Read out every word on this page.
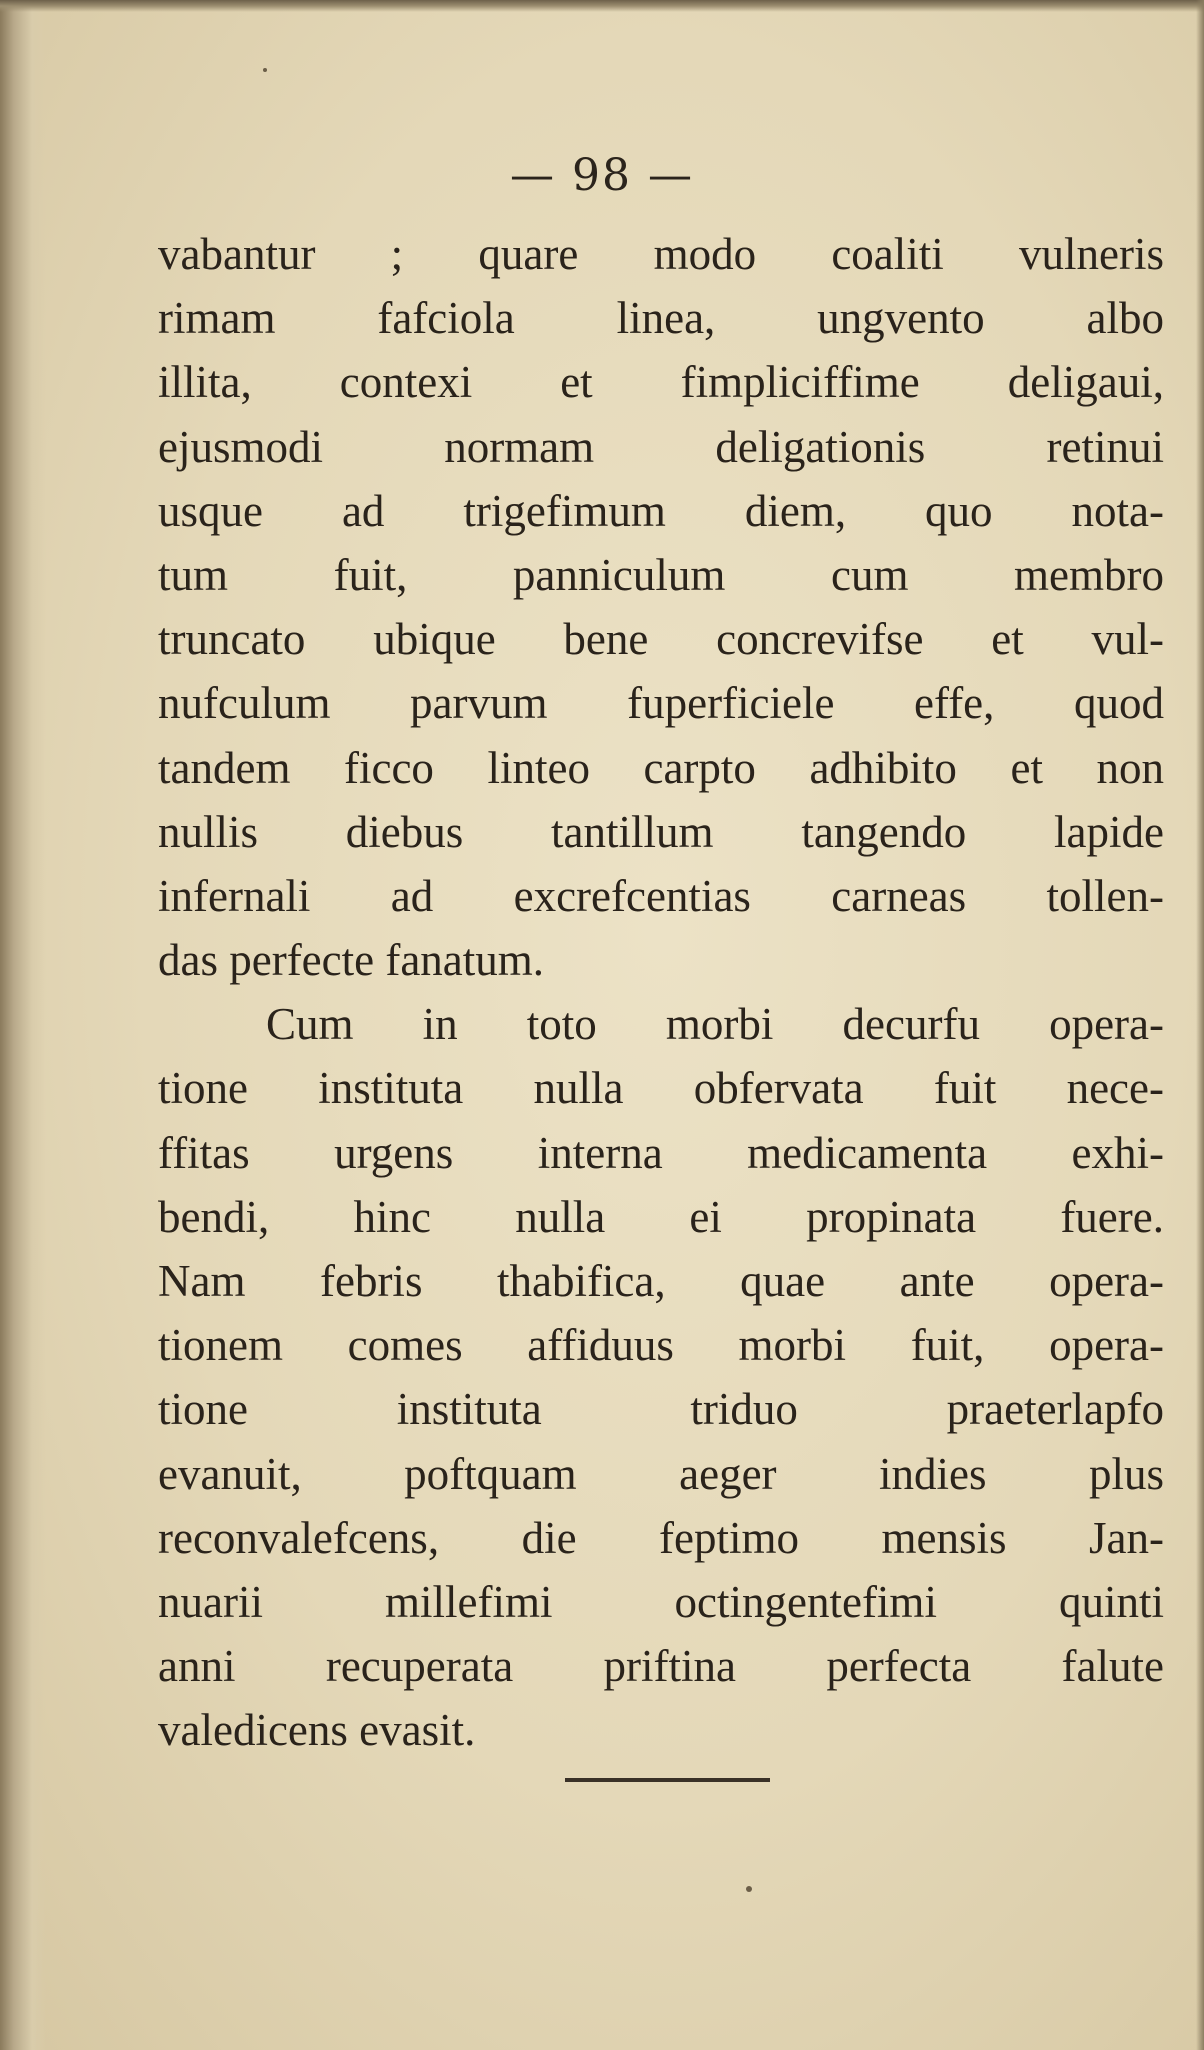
— 98 —
vabantur ; quare modo coaliti vulneris
rimam fafciola linea, ungvento albo
illita, contexi et fimpliciffime deligaui,
ejusmodi normam deligationis retinui
usque ad trigefimum diem, quo nota-
tum fuit, panniculum cum membro
truncato ubique bene concrevifse et vul-
nufculum parvum fuperficiele effe, quod
tandem ficco linteo carpto adhibito et non
nullis diebus tantillum tangendo lapide
infernali ad excrefcentias carneas tollen-
das perfecte fanatum.
Cum in toto morbi decurfu opera-
tione instituta nulla obfervata fuit nece-
ffitas urgens interna medicamenta exhi-
bendi, hinc nulla ei propinata fuere.
Nam febris thabifica, quae ante opera-
tionem comes affiduus morbi fuit, opera-
tione instituta triduo praeterlapfo
evanuit, poftquam aeger indies plus
reconvalefcens, die feptimo mensis Jan-
nuarii millefimi octingentefimi quinti
anni recuperata priftina perfecta falute
valedicens evasit.
